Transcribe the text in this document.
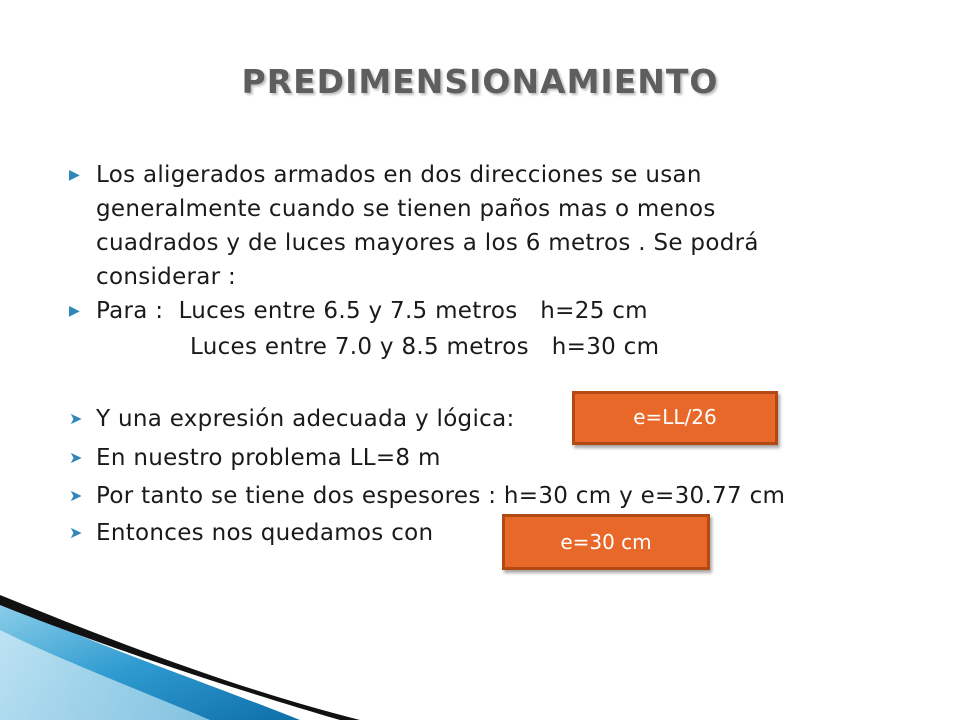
PREDIMENSIONAMIENTO
▶ Los aligerados armados en dos direcciones se usan generalmente cuando se tienen paños mas o menos cuadrados y de luces mayores a los 6 metros . Se podrá considerar :
▶ Para :  Luces entre 6.5 y 7.5 metros   h=25 cm
Luces entre 7.0 y 8.5 metros   h=30 cm
➤ Y una expresión adecuada y lógica:
➤ En nuestro problema LL=8 m
➤ Por tanto se tiene dos espesores : h=30 cm y e=30.77 cm
➤ Entonces nos quedamos con
e=LL/26
e=30 cm
